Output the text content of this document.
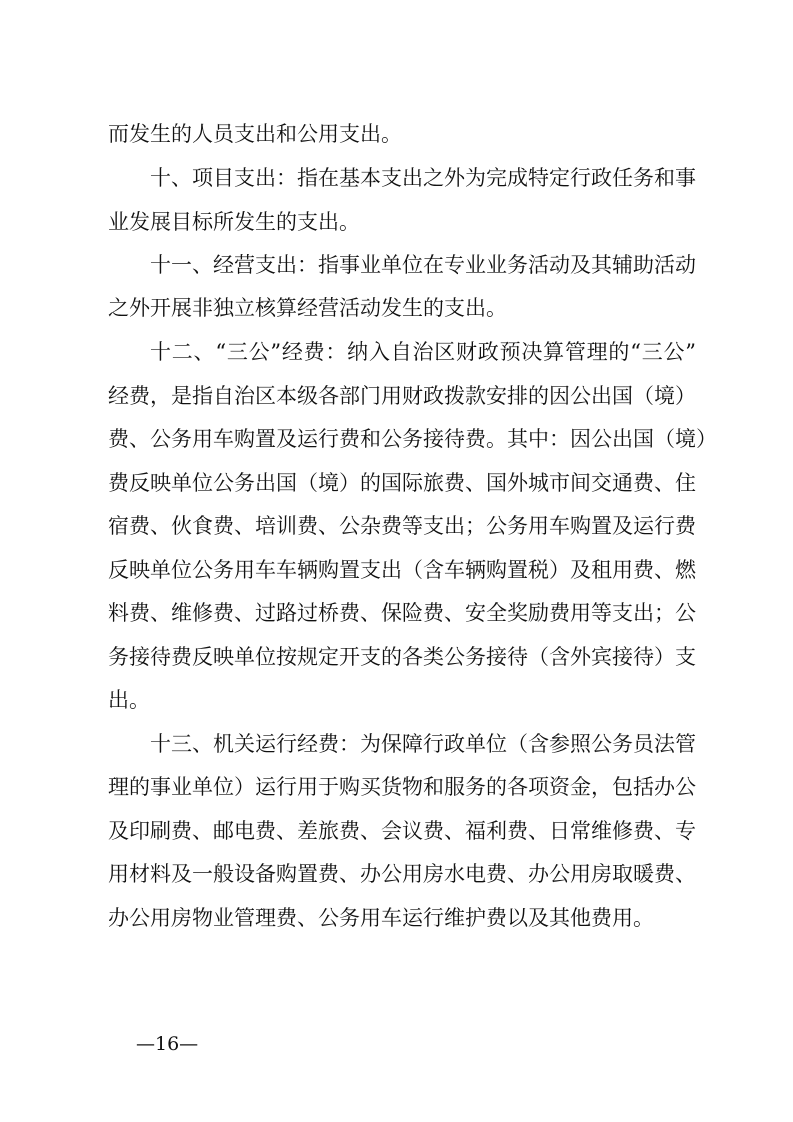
而发生的人员支出和公用支出。
十、项目支出：指在基本支出之外为完成特定行政任务和事
业发展目标所发生的支出。
十一、经营支出：指事业单位在专业业务活动及其辅助活动
之外开展非独立核算经营活动发生的支出。
十二、“三公”经费：纳入自治区财政预决算管理的“三公”
经费，是指自治区本级各部门用财政拨款安排的因公出国（境）
费、公务用车购置及运行费和公务接待费。其中：因公出国（境）
费反映单位公务出国（境）的国际旅费、国外城市间交通费、住
宿费、伙食费、培训费、公杂费等支出；公务用车购置及运行费
反映单位公务用车车辆购置支出（含车辆购置税）及租用费、燃
料费、维修费、过路过桥费、保险费、安全奖励费用等支出；公
务接待费反映单位按规定开支的各类公务接待（含外宾接待）支
出。
十三、机关运行经费：为保障行政单位（含参照公务员法管
理的事业单位）运行用于购买货物和服务的各项资金，包括办公
及印刷费、邮电费、差旅费、会议费、福利费、日常维修费、专
用材料及一般设备购置费、办公用房水电费、办公用房取暖费、
办公用房物业管理费、公务用车运行维护费以及其他费用。
—16—
